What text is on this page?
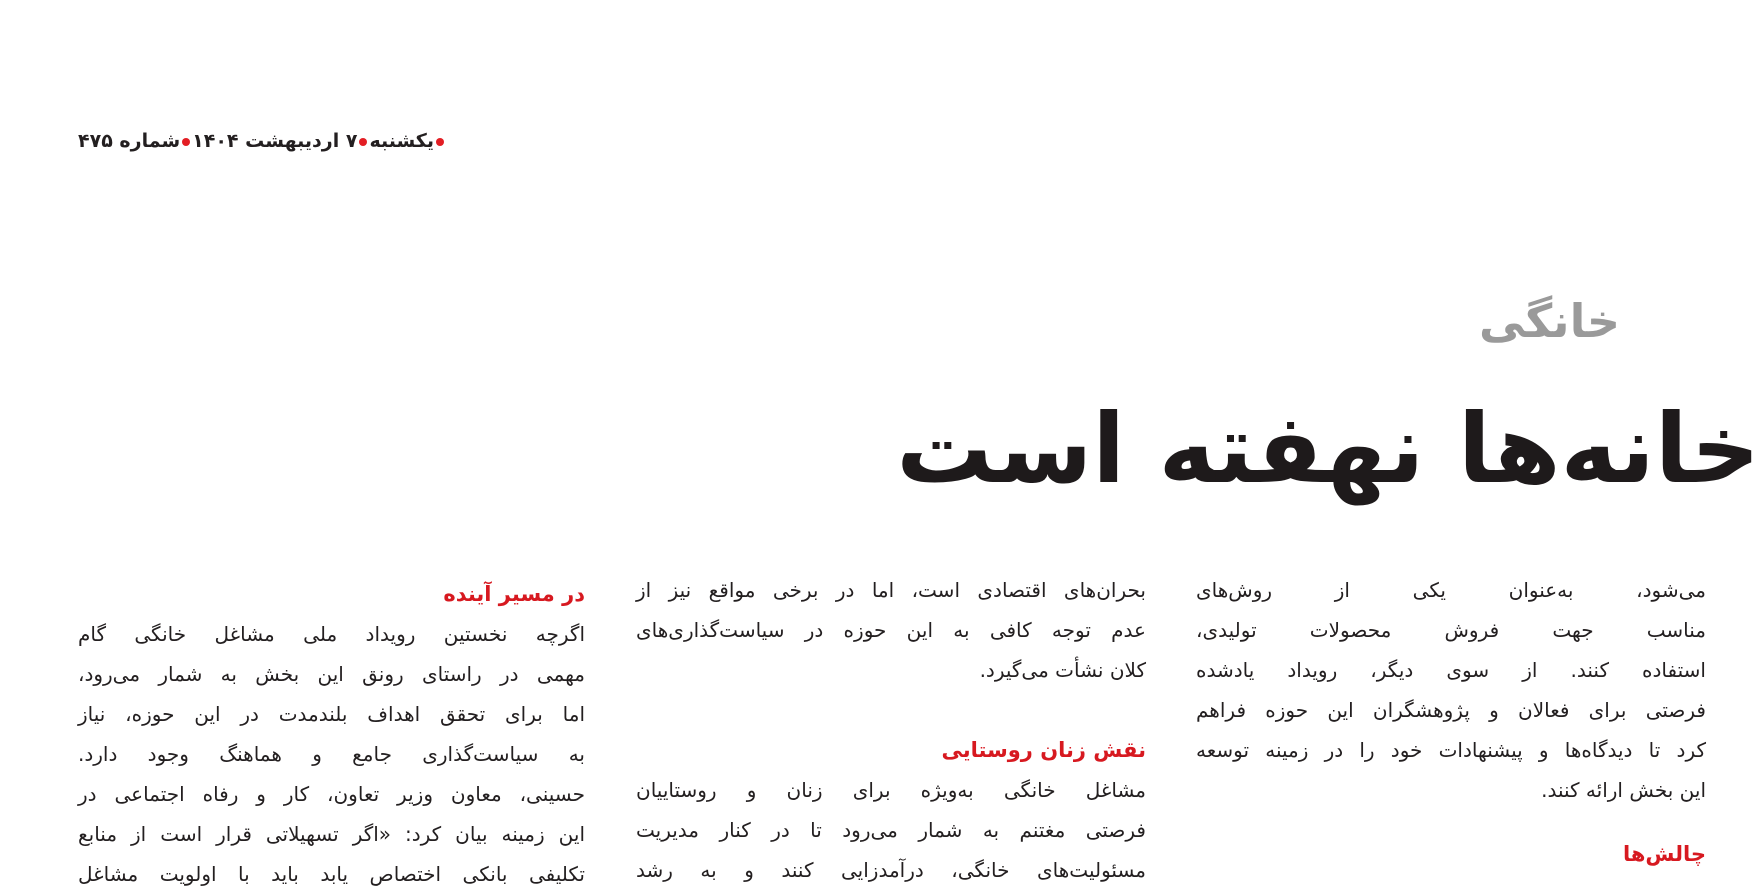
یکشنبه۷ اردیبهشت ۱۴۰۴شماره ۴۷۵
خانگی
خانه‌ها نهفته است
در مسیر آینده
اگرچه نخستین رویداد ملی مشاغل خانگی گام
مهمی در راستای رونق این بخش به شمار می‌رود،
اما برای تحقق اهداف بلندمدت در این حوزه، نیاز
به سیاست‌گذاری جامع و هماهنگ وجود دارد.
حسینی، معاون وزیر تعاون، کار و رفاه اجتماعی در
این زمینه بیان کرد: «اگر تسهیلاتی قرار است از منابع
تکلیفی بانکی اختصاص یابد باید با اولویت مشاغل
بحران‌های اقتصادی است، اما در برخی مواقع نیز از
عدم توجه کافی به این حوزه در سیاست‌گذاری‌های
کلان نشأت می‌گیرد.
نقش زنان روستایی
مشاغل خانگی به‌ویژه برای زنان و روستاییان
فرصتی مغتنم به شمار می‌رود تا در کنار مدیریت
مسئولیت‌های خانگی، درآمدزایی کنند و به رشد
می‌شود، به‌عنوان یکی از روش‌های
مناسب جهت فروش محصولات تولیدی،
استفاده کنند. از سوی دیگر، رویداد یادشده
فرصتی برای فعالان و پژوهشگران این حوزه فراهم
کرد تا دیدگاه‌ها و پیشنهادات خود را در زمینه توسعه
این بخش ارائه کنند.
چالش‌ها
